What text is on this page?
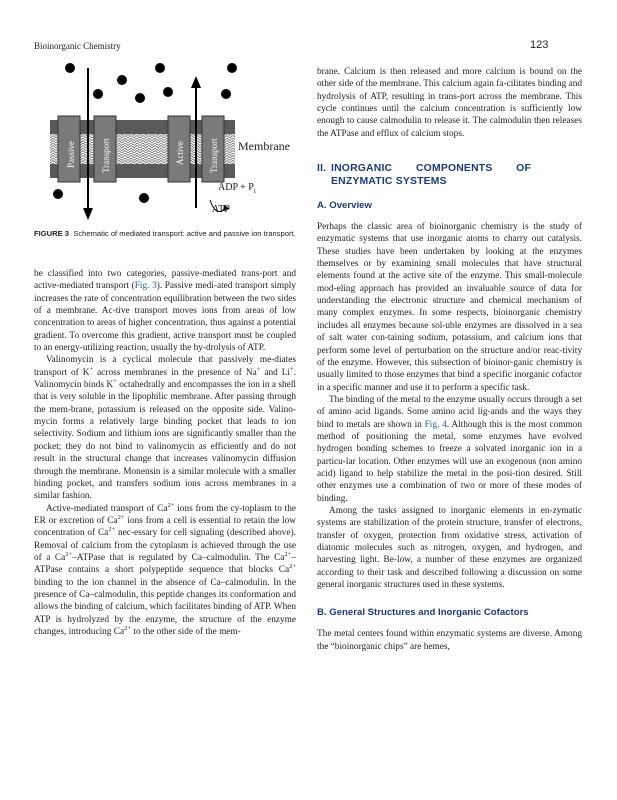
Bioinorganic Chemistry	123
Passive	Transport	Active	Transport Membrane
ADP + $P_i$
ATP
FIGURE 3 Schematic of mediated transport: active and passive ion transport.

be classified into two categories, passive-mediated trans-port and active-mediated transport (Fig. 3). Passive medi-ated transport simply increases the rate of concentration equilibration between the two sides of a membrane. Ac-tive transport moves ions from areas of low concentration to areas of higher concentration, thus against a potential gradient. To overcome this gradient, active transport must be coupled to an energy-utilizing reaction, usually the hy-drolysis of ATP.

Valinomycin is a cyclical molecule that passively me-diates transport of K+ across membranes in the presence of Na+ and Li+. Valinomycin binds K+ octahedrally and encompasses the ion in a shell that is very soluble in the lipophilic membrane. After passing through the mem-brane, potassium is released on the opposite side. Valino-mycin forms a relatively large binding pocket that leads to ion selectivity. Sodium and lithium ions are significantly smaller than the pocket; they do not bind to valinomycin as efficiently and do not result in the structural change that increases valinomycin diffusion through the membrane. Monensin is a similar molecule with a smaller binding pocket, and transfers sodium ions across membranes in a similar fashion.

Active-mediated transport of $Ca^{2+}$ ions from the cy-toplasm to the ER or excretion of $Ca^{2+}$ ions from a cell is essential to retain the low concentration of $Ca^{2+}$ nec-essary for cell signaling (described above). Removal of calcium from the cytoplasm is achieved through the use of a $Ca^{2+}$–ATPase that is regulated by Ca–calmodulin. The $Ca^{2+}$–ATPase contains a short polypeptide sequence that blocks $Ca^{2+}$ binding to the ion channel in the absence of Ca–calmodulin. In the presence of Ca–calmodulin, this peptide changes its conformation and allows the binding of calcium, which facilitates binding of ATP. When ATP is hydrolyzed by the enzyme, the structure of the enzyme changes, introducing $Ca^{2+}$ to the other side of the mem-

brane. Calcium is then released and more calcium is bound on the other side of the membrane. This calcium again fa-cilitates binding and hydrolysis of ATP, resulting in trans-port across the membrane. This cycle continues until the calcium concentration is sufficiently low enough to cause calmodulin to release it. The calmodulin then releases the ATPase and efflux of calcium stops.

II. INORGANIC COMPONENTS OF ENZYMATIC SYSTEMS
A. Overview

Perhaps the classic area of bioinorganic chemistry is the study of enzymatic systems that use inorganic atoms to charry out catalysis. These studies have been undertaken by looking at the enzymes themselves or by examining small molecules that have structural elements found at the active site of the enzyme. This small-molecule mod-eling approach has provided an invaluable source of data for understanding the electronic structure and chemical mechanism of many complex enzymes. In some respects, bioinorganic chemistry includes all enzymes because sol-uble enzymes are dissolved in a sea of salt water con-taining sodium, potassium, and calcium ions that perform some level of perturbation on the structure and/or reac-tivity of the enzyme. However, this subsection of bioinor-ganic chemistry is usually limited to those enzymes that bind a specific inorganic cofactor in a specific manner and use it to perform a specific task.

The binding of the metal to the enzyme usually occurs through a set of amino acid ligands. Some amino acid lig-ands and the ways they bind to metals are shown in Fig. 4. Although this is the most common method of positioning the metal, some enzymes have evolved hydrogen bonding schemes to freeze a solvated inorganic ion in a particu-lar location. Other enzymes will use an exogenous (non amino acid) ligand to help stabilize the metal in the posi-tion desired. Still other enzymes use a combination of two or more of these modes of binding.

Among the tasks assigned to inorganic elements in en-zymatic systems are stabilization of the protein structure, transfer of electrons, transfer of oxygen, protection from oxidative stress, activation of diatomic molecules such as nitrogen, oxygen, and hydrogen, and harvesting light. Be-low, a number of these enzymes are organized according to their task and described following a discussion on some general inorganic structures used in these systems.

B. General Structures and Inorganic Cofactors

The metal centers found within enzymatic systems are diverse. Among the “bioinorganic chips” are hemes,
